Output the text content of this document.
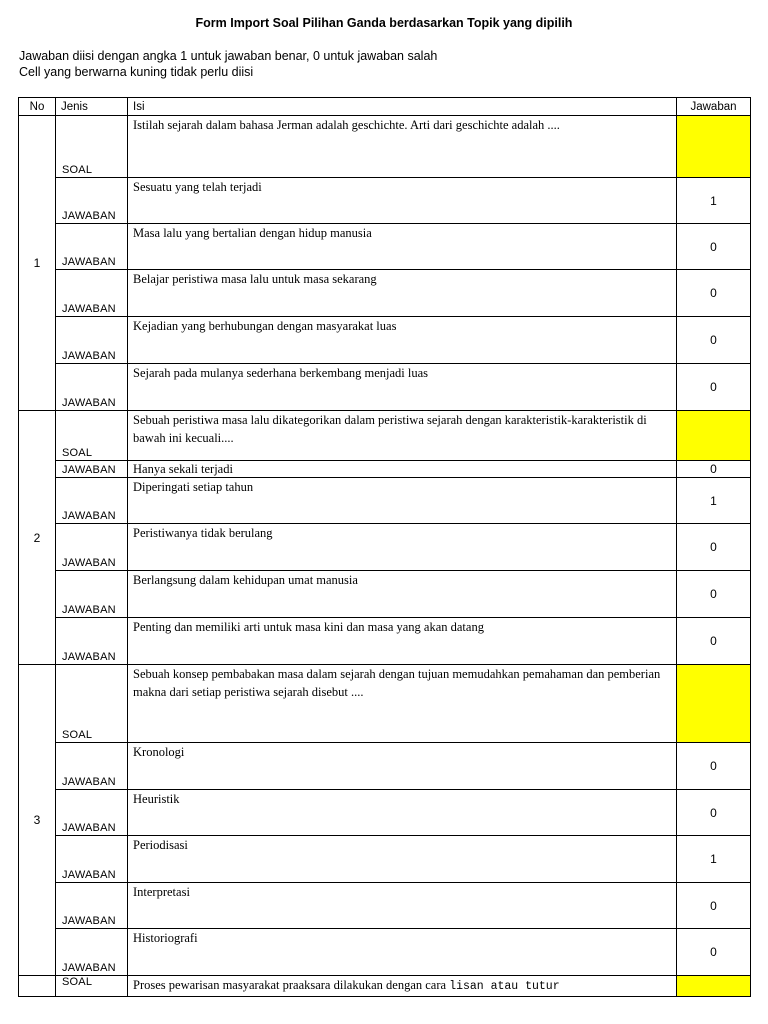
Form Import Soal Pilihan Ganda berdasarkan Topik yang dipilih
Jawaban diisi dengan angka 1 untuk jawaban benar, 0 untuk jawaban salah
Cell yang berwarna kuning tidak perlu diisi
No	Jenis	Isi	Jawaban
1	SOAL	Istilah sejarah dalam bahasa Jerman adalah geschichte. Arti dari geschichte adalah ....	
	JAWABAN	Sesuatu yang telah terjadi	1
	JAWABAN	Masa lalu yang bertalian dengan hidup manusia	0
	JAWABAN	Belajar peristiwa masa lalu untuk masa sekarang	0
	JAWABAN	Kejadian yang berhubungan dengan masyarakat luas	0
	JAWABAN	Sejarah pada mulanya sederhana berkembang menjadi luas	0
2	SOAL	Sebuah peristiwa masa lalu dikategorikan dalam peristiwa sejarah dengan karakteristik-karakteristik di bawah ini kecuali....	
	JAWABAN	Hanya sekali terjadi	0
	JAWABAN	Diperingati setiap tahun	1
	JAWABAN	Peristiwanya tidak berulang	0
	JAWABAN	Berlangsung dalam kehidupan umat manusia	0
	JAWABAN	Penting dan memiliki arti untuk masa kini dan masa yang akan datang	0
3	SOAL	Sebuah konsep pembabakan masa dalam sejarah dengan tujuan memudahkan pemahaman dan pemberian makna dari setiap peristiwa sejarah disebut ....	
	JAWABAN	Kronologi	0
	JAWABAN	Heuristik	0
	JAWABAN	Periodisasi	1
	JAWABAN	Interpretasi	0
	JAWABAN	Historiografi	0
	SOAL	Proses pewarisan masyarakat praaksara dilakukan dengan cara lisan atau tutur	
